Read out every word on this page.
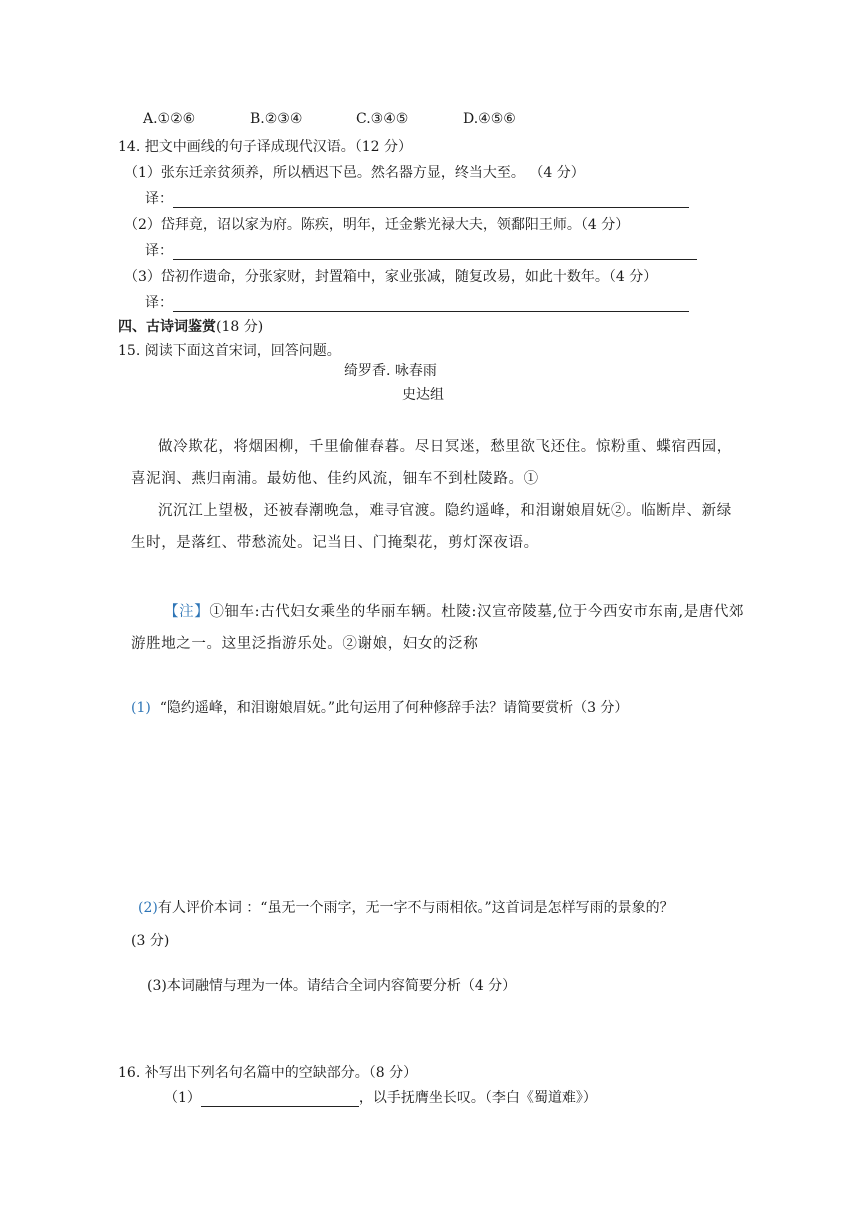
A.①②⑥	B.②③④	C.③④⑤	D.④⑤⑥
14. 把文中画线的句子译成现代汉语。（12 分）
（1）张东迁亲贫须养，所以栖迟下邑。然名器方显，终当大至。 （4 分）
译：
（2）岱拜竟，诏以家为府。陈疾，明年，迁金紫光禄大夫，领鄱阳王师。（4 分）
译：
（3）岱初作遗命，分张家财，封置箱中，家业张减，随复改易，如此十数年。（4 分）
译：
四、古诗词鉴赏(18 分)
15. 阅读下面这首宋词，回答问题。
绮罗香. 咏春雨
史达组
做冷欺花，将烟困柳，千里偷催春暮。尽日冥迷，愁里欲飞还住。惊粉重、蝶宿西园，
喜泥润、燕归南浦。最妨他、佳约风流，钿车不到杜陵路。①
沉沉江上望极，还被春潮晚急，难寻官渡。隐约遥峰，和泪谢娘眉妩②。临断岸、新绿
生时，是落红、带愁流处。记当日、门掩梨花，剪灯深夜语。
【注】①钿车:古代妇女乘坐的华丽车辆。杜陵:汉宣帝陵墓,位于今西安市东南,是唐代郊
游胜地之一。这里泛指游乐处。②谢娘，妇女的泛称
(1) “隐约遥峰，和泪谢娘眉妩。”此句运用了何种修辞手法？请简要赏析（3 分）
(2)有人评价本词 ：“虽无一个雨字，无一字不与雨相依。”这首词是怎样写雨的景象的？
(3 分)
(3)本词融情与理为一体。请结合全词内容简要分析（4 分）
16. 补写出下列名句名篇中的空缺部分。（8 分）
（1）	，以手抚膺坐长叹。（李白《蜀道难》）
